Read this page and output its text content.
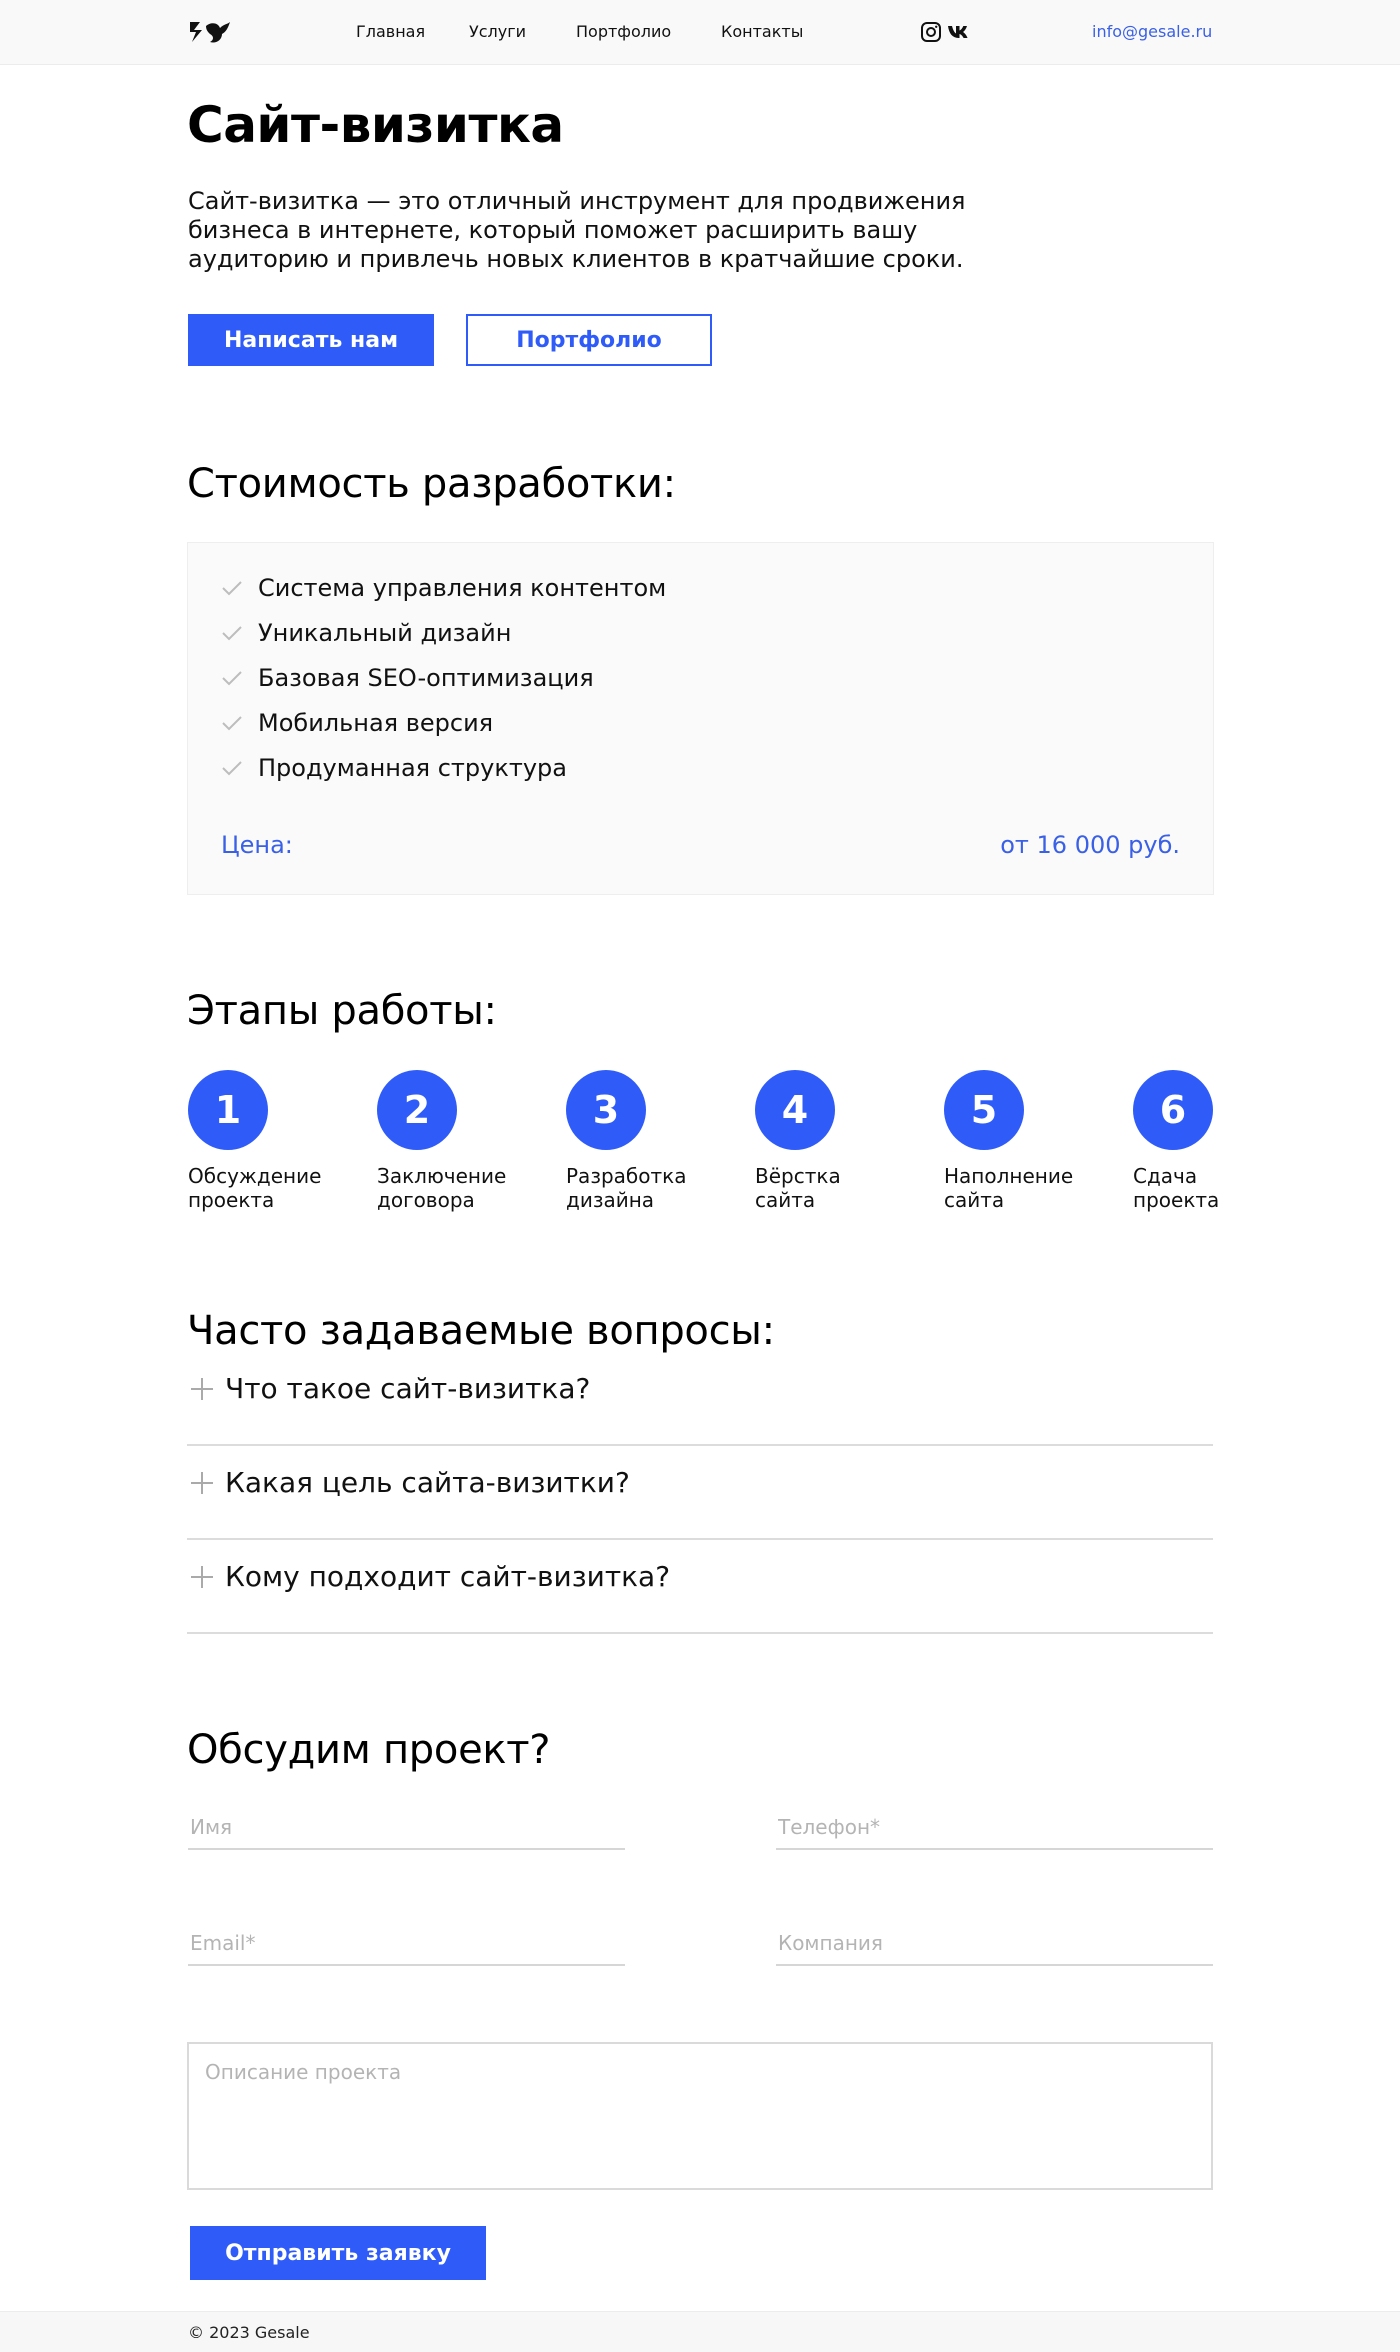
Главная	Услуги	Портфолио	Контакты	info@gesale.ru
Сайт-визитка

Сайт-визитка — это отличный инструмент для продвижения бизнеса в интернете, который поможет расширить вашу аудиторию и привлечь новых клиентов в кратчайшие сроки.

Написать нам	Портфолио
Стоимость разработки:
Система управления контентом
Уникальный дизайн
Базовая SEO-оптимизация
Мобильная версия
Продуманная структура
Цена:	от 16 000 руб.
Этапы работы:
1
Обсуждение проекта
2
Заключение договора
3
Разработка дизайна
4
Вёрстка сайта
5
Наполнение сайта
6
Сдача проекта
Часто задаваемые вопросы:
Что такое сайт-визитка?
Какая цель сайта-визитки?
Кому подходит сайт-визитка?
Обсудим проект?
Имя
Телефон*
Email*
Компания
Описание проекта
Отправить заявку
© 2023 Gesale
